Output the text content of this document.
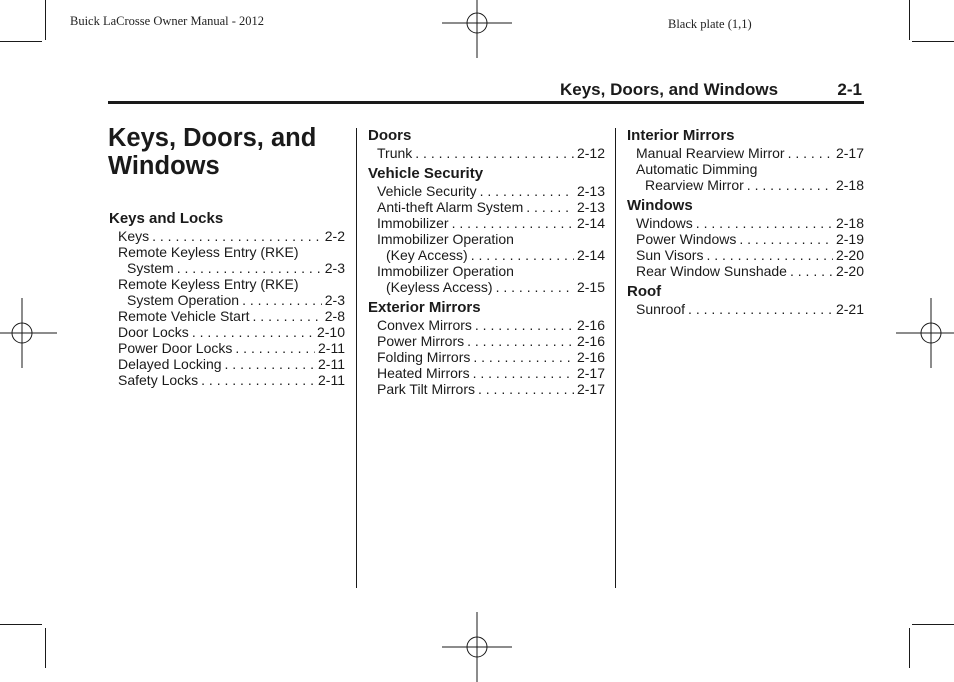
Buick LaCrosse Owner Manual - 2012	Black plate (1,1)
Keys, Doors, and Windows	2-1
Keys, Doors, and Windows
Keys and Locks
Keys . . .	2-2
Remote Keyless Entry (RKE)
System . . .	2-3
Remote Keyless Entry (RKE)
System Operation . . .	2-3
Remote Vehicle Start . . .	2-8
Door Locks . . .	2-10
Power Door Locks . . .	2-11
Delayed Locking . . .	2-11
Safety Locks . . .	2-11
Doors
Trunk . . .	2-12
Vehicle Security
Vehicle Security . . .	2-13
Anti-theft Alarm System . . .	2-13
Immobilizer . . .	2-14
Immobilizer Operation
(Key Access) . . .	2-14
Immobilizer Operation
(Keyless Access) . . .	2-15
Exterior Mirrors
Convex Mirrors . . .	2-16
Power Mirrors . . .	2-16
Folding Mirrors . . .	2-16
Heated Mirrors . . .	2-17
Park Tilt Mirrors . . .	2-17
Interior Mirrors
Manual Rearview Mirror . . .	2-17
Automatic Dimming
Rearview Mirror . . .	2-18
Windows
Windows . . .	2-18
Power Windows . . .	2-19
Sun Visors . . .	2-20
Rear Window Sunshade . . .	2-20
Roof
Sunroof . . .	2-21
